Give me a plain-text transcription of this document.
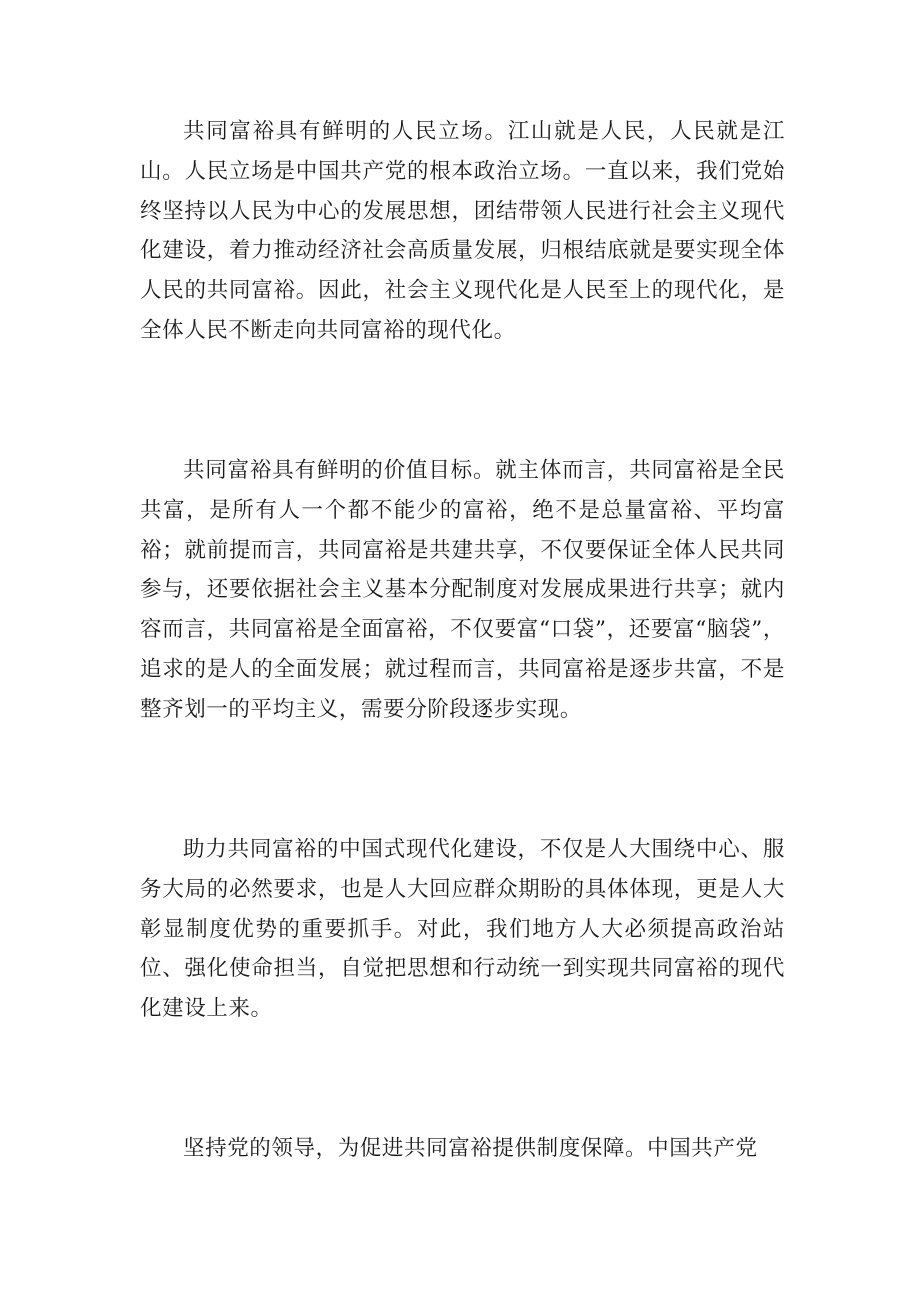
共同富裕具有鲜明的人民立场。江山就是人民，人民就是江山。人民立场是中国共产党的根本政治立场。一直以来，我们党始终坚持以人民为中心的发展思想，团结带领人民进行社会主义现代化建设，着力推动经济社会高质量发展，归根结底就是要实现全体人民的共同富裕。因此，社会主义现代化是人民至上的现代化，是全体人民不断走向共同富裕的现代化。

共同富裕具有鲜明的价值目标。就主体而言，共同富裕是全民共富，是所有人一个都不能少的富裕，绝不是总量富裕、平均富裕；就前提而言，共同富裕是共建共享，不仅要保证全体人民共同参与，还要依据社会主义基本分配制度对发展成果进行共享；就内容而言，共同富裕是全面富裕，不仅要富“口袋”，还要富“脑袋”，追求的是人的全面发展；就过程而言，共同富裕是逐步共富，不是整齐划一的平均主义，需要分阶段逐步实现。

助力共同富裕的中国式现代化建设，不仅是人大围绕中心、服务大局的必然要求，也是人大回应群众期盼的具体体现，更是人大彰显制度优势的重要抓手。对此，我们地方人大必须提高政治站位、强化使命担当，自觉把思想和行动统一到实现共同富裕的现代化建设上来。

坚持党的领导，为促进共同富裕提供制度保障。中国共产党
